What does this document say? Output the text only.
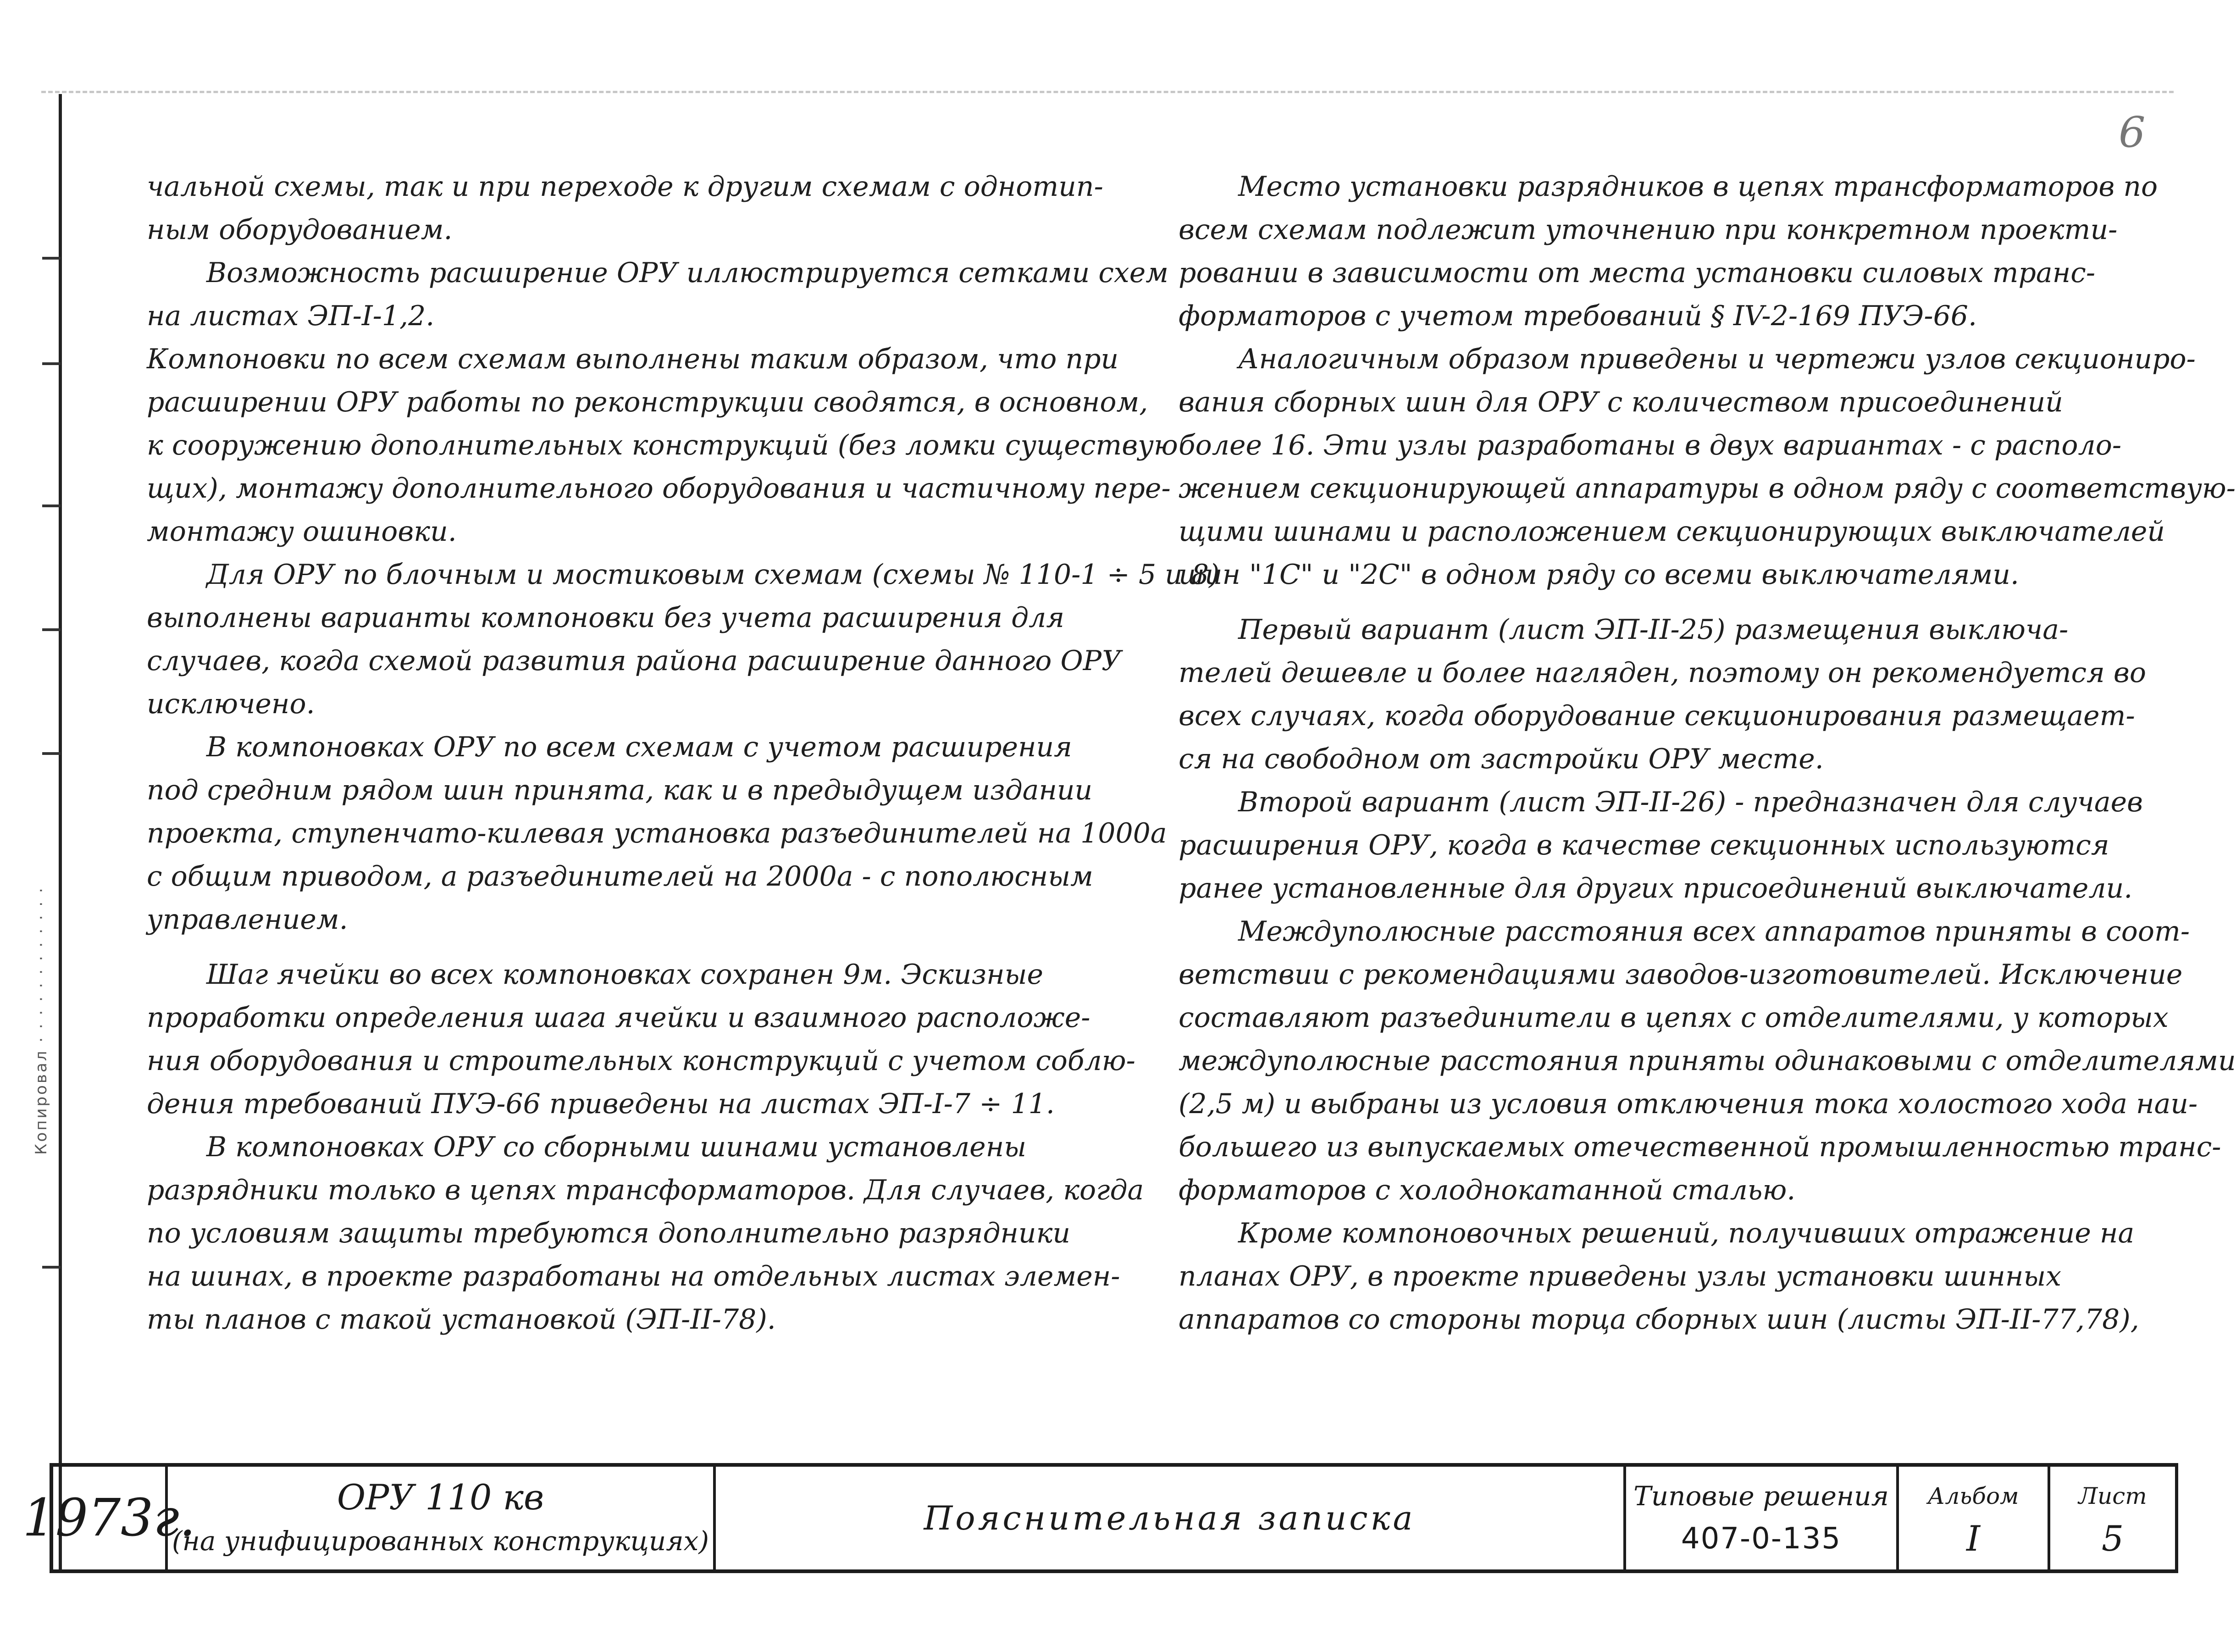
Копировал · · · · · · · · · · · ·
6
чальной схемы, так и при переходе к другим схемам с однотип-
ным оборудованием.
Возможность расширение ОРУ иллюстрируется сетками схем
на листах ЭП-I-1,2.
Компоновки по всем схемам выполнены таким образом, что при
расширении ОРУ работы по реконструкции сводятся, в основном,
к сооружению дополнительных конструкций (без ломки существую
щих), монтажу дополнительного оборудования и частичному пере-
монтажу ошиновки.
Для ОРУ по блочным и мостиковым схемам (схемы № 110-1 ÷ 5 и 8)
выполнены варианты компоновки без учета расширения для
случаев, когда схемой развития района расширение данного ОРУ
исключено.
В компоновках ОРУ по всем схемам с учетом расширения
под средним рядом шин принята, как и в предыдущем издании
проекта, ступенчато-килевая установка разъединителей на 1000а
с общим приводом, а разъединителей на 2000а - с пополюсным
управлением.
Шаг ячейки во всех компоновках сохранен 9м. Эскизные
проработки определения шага ячейки и взаимного расположе-
ния оборудования и строительных конструкций с учетом соблю-
дения требований ПУЭ-66 приведены на листах ЭП-I-7 ÷ 11.
В компоновках ОРУ со сборными шинами установлены
разрядники только в цепях трансформаторов. Для случаев, когда
по условиям защиты требуются дополнительно разрядники
на шинах, в проекте разработаны на отдельных листах элемен-
ты планов с такой установкой (ЭП-II-78).
Место установки разрядников в цепях трансформаторов по
всем схемам подлежит уточнению при конкретном проекти-
ровании в зависимости от места установки силовых транс-
форматоров с учетом требований § IV-2-169 ПУЭ-66.
Аналогичным образом приведены и чертежи узлов секциониро-
вания сборных шин для ОРУ с количеством присоединений
более 16. Эти узлы разработаны в двух вариантах - с располо-
жением секционирующей аппаратуры в одном ряду с соответствую-
щими шинами и расположением секционирующих выключателей
шин "1С" и "2С" в одном ряду со всеми выключателями.
Первый вариант (лист ЭП-II-25) размещения выключа-
телей дешевле и более нагляден, поэтому он рекомендуется во
всех случаях, когда оборудование секционирования размещает-
ся на свободном от застройки ОРУ месте.
Второй вариант (лист ЭП-II-26) - предназначен для случаев
расширения ОРУ, когда в качестве секционных используются
ранее установленные для других присоединений выключатели.
Междуполюсные расстояния всех аппаратов приняты в соот-
ветствии с рекомендациями заводов-изготовителей. Исключение
составляют разъединители в цепях с отделителями, у которых
междуполюсные расстояния приняты одинаковыми с отделителями
(2,5 м) и выбраны из условия отключения тока холостого хода наи-
большего из выпускаемых отечественной промышленностью транс-
форматоров с холоднокатанной сталью.
Кроме компоновочных решений, получивших отражение на
планах ОРУ, в проекте приведены узлы установки шинных
аппаратов со стороны торца сборных шин (листы ЭП-II-77,78),
1973г.	ОРУ 110 кв
(на унифицированных конструкциях)
Пояснительная записка
Типовые решения
407-0-135
Альбом
I
Лист
5
